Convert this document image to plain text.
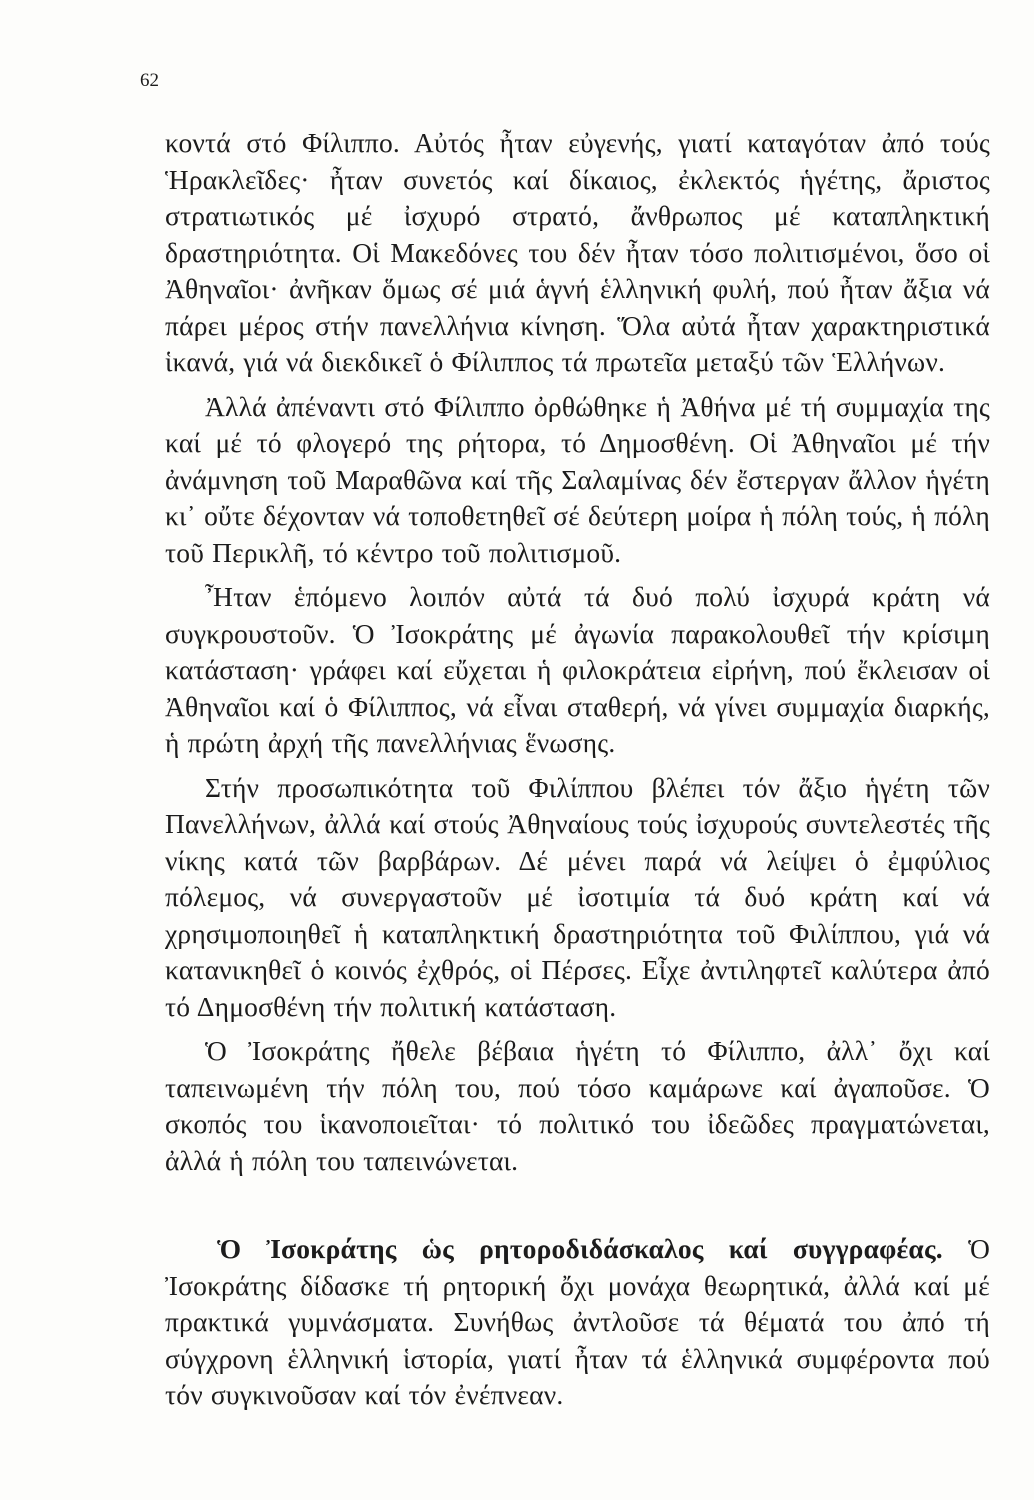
62

κοντά στό Φίλιππο. Αὐτός ἦταν εὐγενής, γιατί καταγόταν ἀπό τούς Ἡρακλεῖδες· ἦταν συνετός καί δίκαιος, ἐκλεκτός ἡγέτης, ἄριστος στρατιωτικός μέ ἰσχυρό στρατό, ἄνθρωπος μέ καταπληκτική δραστηριότητα. Οἱ Μακεδόνες του δέν ἦταν τόσο πολιτισμένοι, ὅσο οἱ Ἀθηναῖοι· ἀνῆκαν ὅμως σέ μιά ἁγνή ἑλληνική φυλή, πού ἦταν ἄξια νά πάρει μέρος στήν πανελλήνια κίνηση. Ὅλα αὐτά ἦταν χαρακτηριστικά ἱκανά, γιά νά διεκδικεῖ ὁ Φίλιππος τά πρωτεῖα μεταξύ τῶν Ἑλλήνων.

Ἀλλά ἀπέναντι στό Φίλιππο ὀρθώθηκε ἡ Ἀθήνα μέ τή συμμαχία της καί μέ τό φλογερό της ρήτορα, τό Δημοσθένη. Οἱ Ἀθηναῖοι μέ τήν ἀνάμνηση τοῦ Μαραθῶνα καί τῆς Σαλαμίνας δέν ἔστεργαν ἄλλον ἡγέτη κι᾿ οὔτε δέχονταν νά τοποθετηθεῖ σέ δεύτερη μοίρα ἡ πόλη τούς, ἡ πόλη τοῦ Περικλῆ, τό κέντρο τοῦ πολιτισμοῦ.

Ἦταν ἑπόμενο λοιπόν αὐτά τά δυό πολύ ἰσχυρά κράτη νά συγκρουστοῦν. Ὁ Ἰσοκράτης μέ ἀγωνία παρακολουθεῖ τήν κρίσιμη κατάσταση· γράφει καί εὔχεται ἡ φιλοκράτεια εἰρήνη, πού ἔκλεισαν οἱ Ἀθηναῖοι καί ὁ Φίλιππος, νά εἶναι σταθερή, νά γίνει συμμαχία διαρκής, ἡ πρώτη ἀρχή τῆς πανελλήνιας ἕνωσης.

Στήν προσωπικότητα τοῦ Φιλίππου βλέπει τόν ἄξιο ἡγέτη τῶν Πανελλήνων, ἀλλά καί στούς Ἀθηναίους τούς ἰσχυρούς συντελεστές τῆς νίκης κατά τῶν βαρβάρων. Δέ μένει παρά νά λείψει ὁ ἐμφύλιος πόλεμος, νά συνεργαστοῦν μέ ἰσοτιμία τά δυό κράτη καί νά χρησιμοποιηθεῖ ἡ καταπληκτική δραστηριότητα τοῦ Φιλίππου, γιά νά κατανικηθεῖ ὁ κοινός ἐχθρός, οἱ Πέρσες. Εἶχε ἀντιληφτεῖ καλύτερα ἀπό τό Δημοσθένη τήν πολιτική κατάσταση.

Ὁ Ἰσοκράτης ἤθελε βέβαια ἡγέτη τό Φίλιππο, ἀλλ᾿ ὄχι καί ταπεινωμένη τήν πόλη του, πού τόσο καμάρωνε καί ἀγαποῦσε. Ὁ σκοπός του ἱκανοποιεῖται· τό πολιτικό του ἰδεῶδες πραγματώνεται, ἀλλά ἡ πόλη του ταπεινώνεται.

Ὁ Ἰσοκράτης ὡς ρητοροδιδάσκαλος καί συγγραφέας. Ὁ Ἰσοκράτης δίδασκε τή ρητορική ὄχι μονάχα θεωρητικά, ἀλλά καί μέ πρακτικά γυμνάσματα. Συνήθως ἀντλοῦσε τά θέματά του ἀπό τή σύγχρονη ἑλληνική ἱστορία, γιατί ἦταν τά ἑλληνικά συμφέροντα πού τόν συγκινοῦσαν καί τόν ἐνέπνεαν.
